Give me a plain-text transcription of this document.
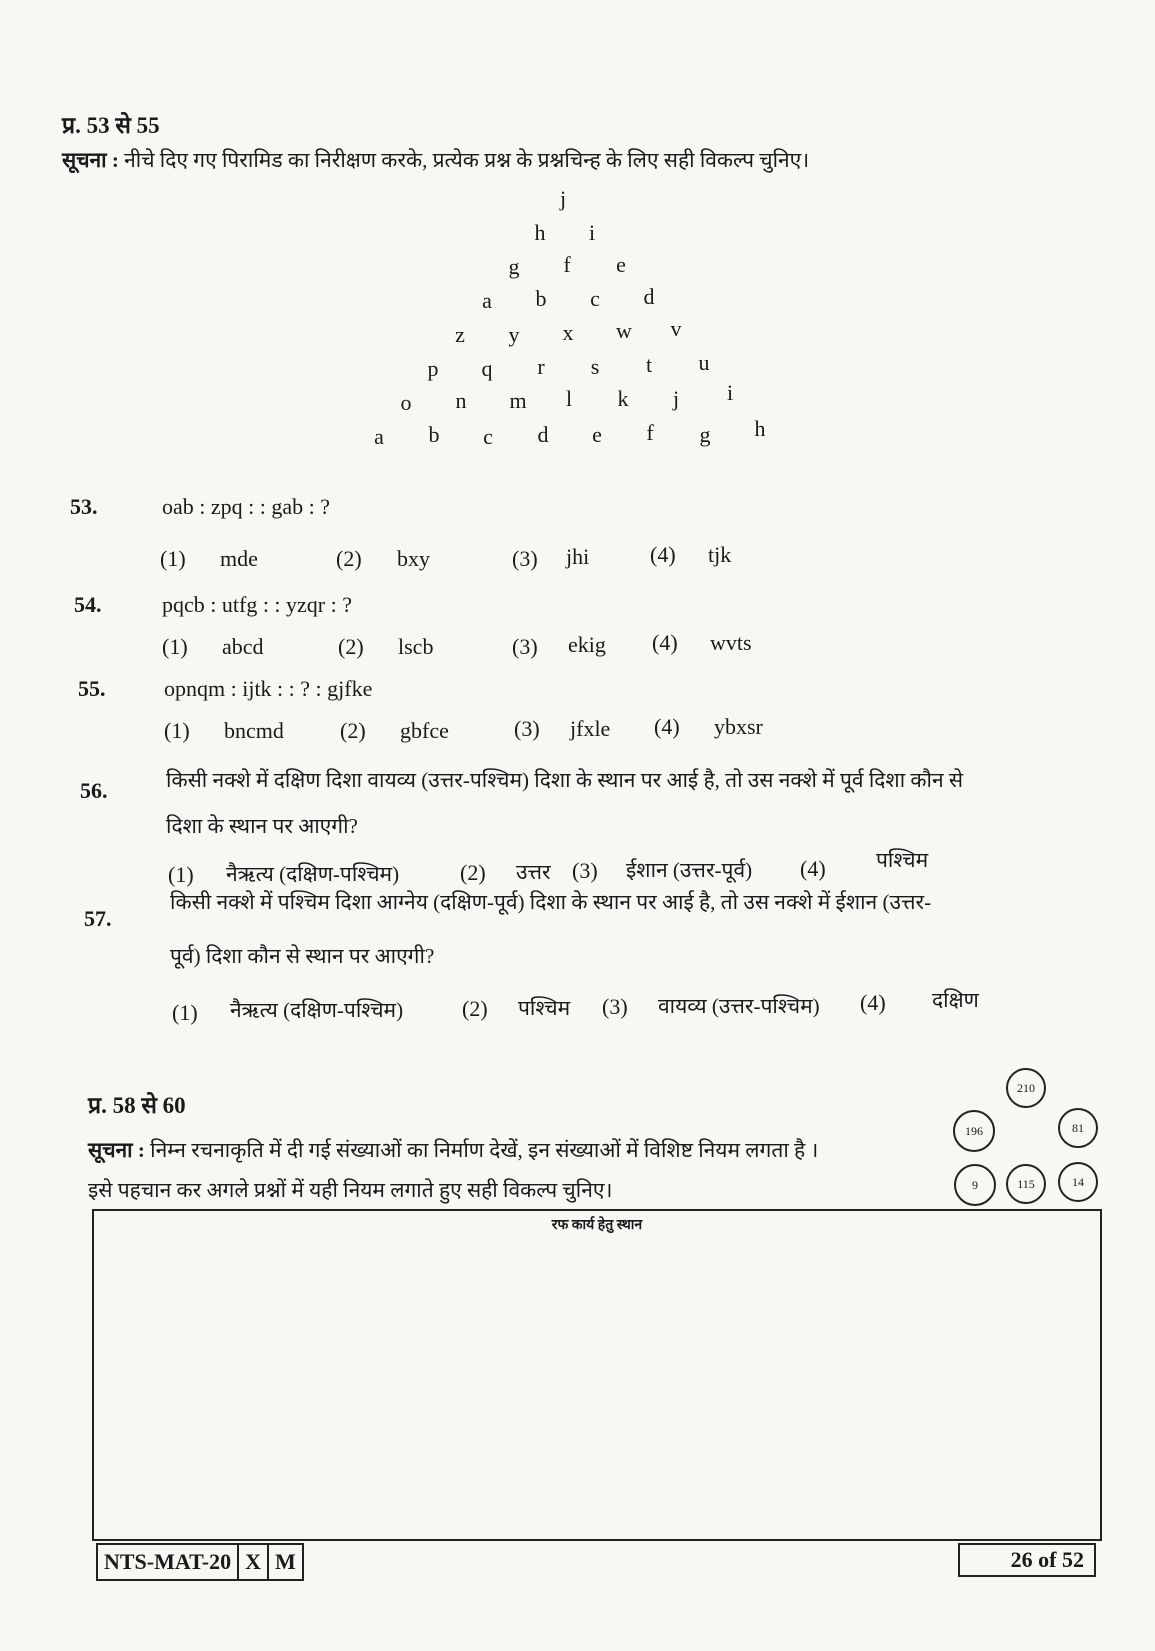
प्र. 53 से 55
सूचना : नीचे दिए गए पिरामिड का निरीक्षण करके, प्रत्येक प्रश्न के प्रश्नचिन्ह के लिए सही विकल्प चुनिए।
j
h	i
g f e
a b c d
z y x w v
p q r s	t	u
o n m	l	k	j	i
a b c d e f g h
53.	oab : zpq : : gab : ?
(1) mde	(2) bxy	(3) jhi	(4) tjk
54.	pqcb : utfg : : yzqr : ?
(1) abcd	(2) lscb	(3) ekig (4) wvts
55.	opnqm : ijtk : : ? : gjfke
(1) bncmd	(2) gbfce	(3) jfxle (4) ybxsr
56.	किसी नक्शे में दक्षिण दिशा वायव्य (उत्तर-पश्चिम) दिशा के स्थान पर आई है, तो उस नक्शे में पूर्व दिशा कौन से
दिशा के स्थान पर आएगी?
(1) नैऋत्य (दक्षिण-पश्चिम)	(2) उत्तर (3) ईशान (उत्तर-पूर्व) (4) पश्चिम
57.
किसी नक्शे में पश्चिम दिशा आग्नेय (दक्षिण-पूर्व) दिशा के स्थान पर आई है, तो उस नक्शे में ईशान (उत्तर-
पूर्व) दिशा कौन से स्थान पर आएगी?
(1) नैऋत्य (दक्षिण-पश्चिम)	(2) पश्चिम (3) वायव्य (उत्तर-पश्चिम) (4) दक्षिण
प्र. 58 से 60
सूचना : निम्न रचनाकृति में दी गई संख्याओं का निर्माण देखें, इन संख्याओं में विशिष्ट नियम लगता है ।
इसे पहचान कर अगले प्रश्नों में यही नियम लगाते हुए सही विकल्प चुनिए।
210
196	81
9	115	14
रफ कार्य हेतु स्थान
NTS-MAT-20 X M	26 of 52
